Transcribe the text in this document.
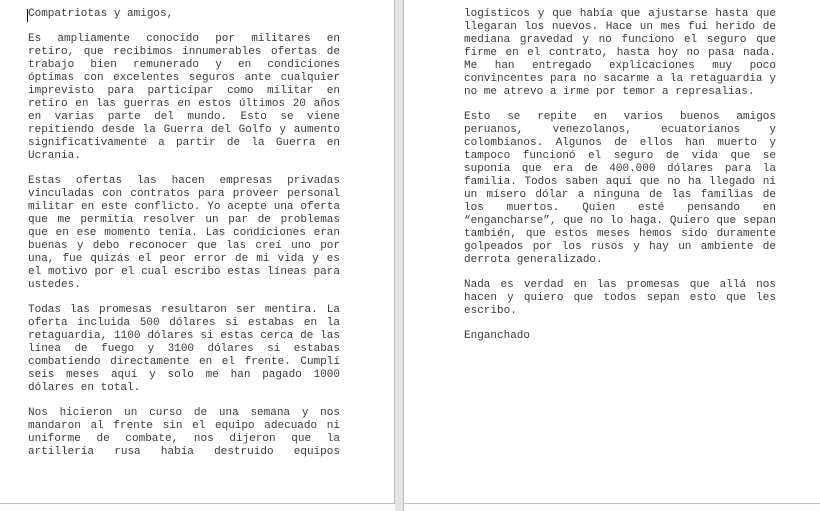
Compatriotas y amigos,

Es ampliamente conocido por militares en retiro, que recibimos innumerables ofertas de trabajo bien remunerado y en condiciones óptimas con excelentes seguros ante cualquier imprevisto para participar como militar en retiro en las guerras en estos últimos 20 años en varias parte del mundo. Esto se viene repitiendo desde la Guerra del Golfo y aumento significativamente a partir de la Guerra en Ucrania.

Estas ofertas las hacen empresas privadas vinculadas con contratos para proveer personal militar en este conflicto. Yo acepte una oferta que me permitía resolver un par de problemas que en ese momento tenía. Las condiciones eran buenas y debo reconocer que las creí uno por una, fue quizás el peor error de mi vida y es el motivo por el cual escribo estas líneas para ustedes.

Todas las promesas resultaron ser mentira. La oferta incluida 500 dólares si estabas en la retaguardia, 1100 dólares si estas cerca de las línea de fuego y 3100 dólares si estabas combatiendo directamente en el frente. Cumplí seis meses aquí y solo me han pagado 1000 dólares en total.

Nos hicieron un curso de una semana y nos mandaron al frente sin el equipo adecuado ni uniforme de combate, nos dijeron que la artillería rusa había destruido equipos

logísticos y que había que ajustarse hasta que llegaran los nuevos. Hace un mes fui herido de mediana gravedad y no funciono el seguro que firme en el contrato, hasta hoy no pasa nada. Me han entregado explicaciones muy poco convincentes para no sacarme a la retaguardia y no me atrevo a irme por temor a represalias.

Esto se repite en varios buenos amigos peruanos, venezolanos, ecuatorianos y colombianos. Algunos de ellos han muerto y tampoco funcionó el seguro de vida que se suponía que era de 400.000 dólares para la familia. Todos saben aquí que no ha llegado ni un mísero dólar a ninguna de las familias de los muertos. Quien esté pensando en “engancharse”, que no lo haga. Quiero que sepan también, que estos meses hemos sido duramente golpeados por los rusos y hay un ambiente de derrota generalizado.

Nada es verdad en las promesas que allá nos hacen y quiero que todos sepan esto que les escribo.

Enganchado
